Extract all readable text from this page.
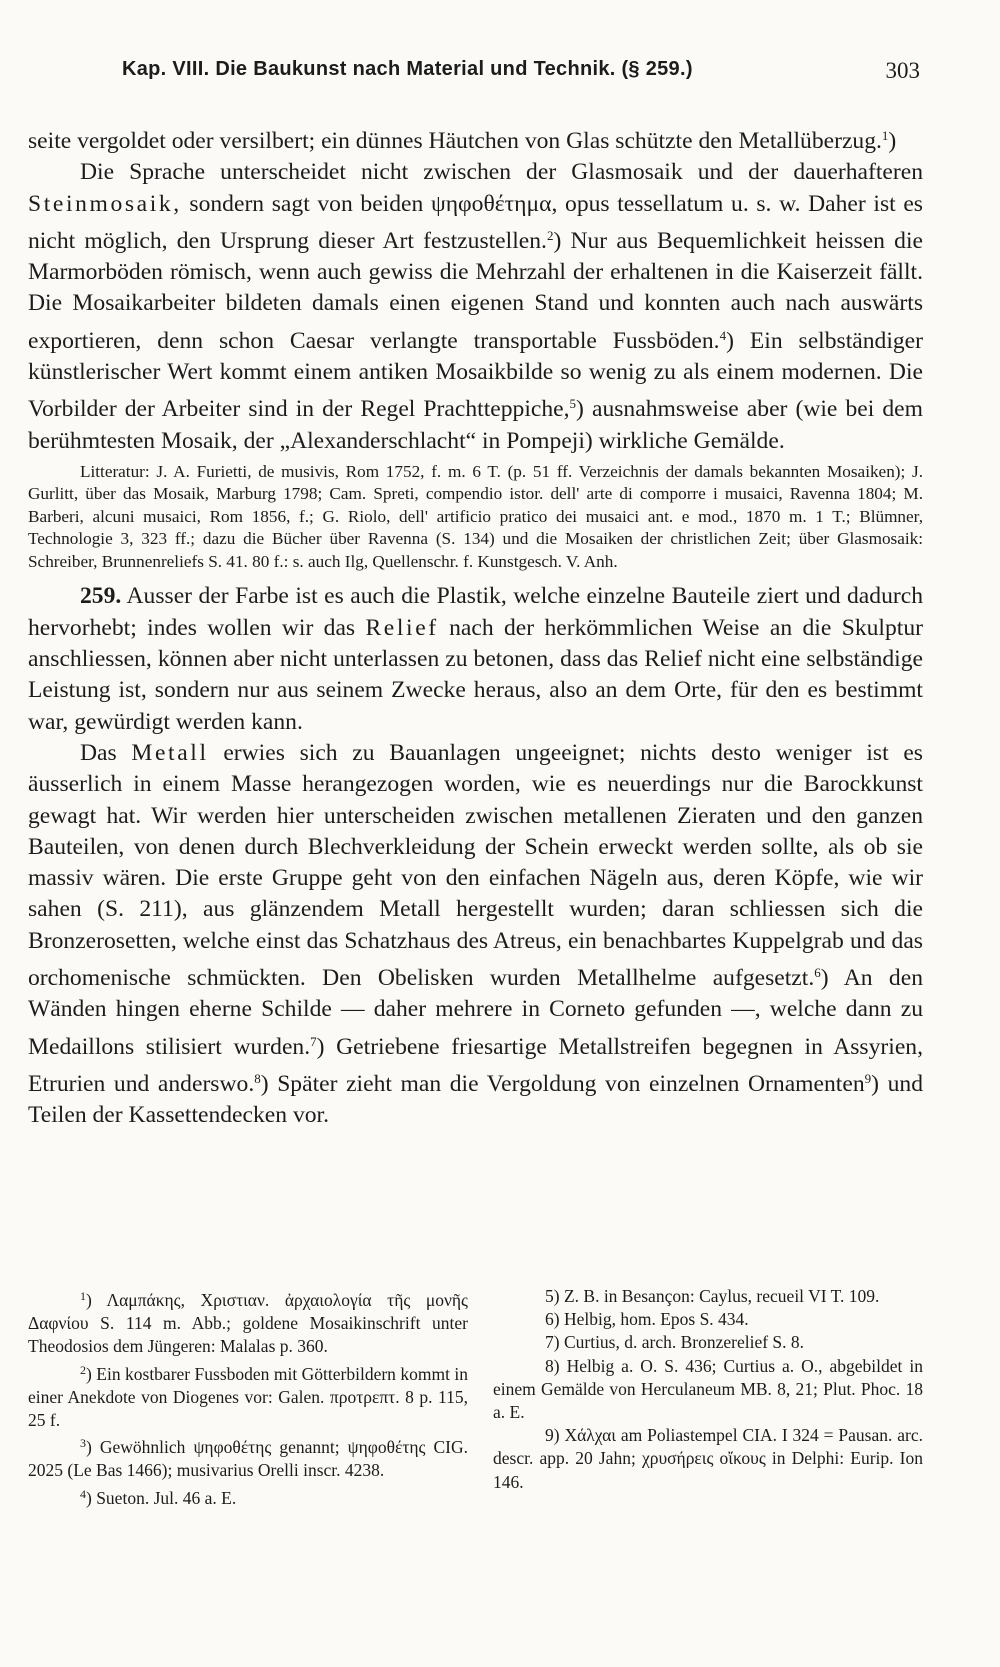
Kap. VIII. Die Baukunst nach Material und Technik. (§ 259.)	303

seite vergoldet oder versilbert; ein dünnes Häutchen von Glas schützte den Metallüberzug.$^1$)

Die Sprache unterscheidet nicht zwischen der Glasmosaik und der dauerhafteren Steinmosaik, sondern sagt von beiden ψηφοθέτημα, opus tessellatum u. s. w. Daher ist es nicht möglich, den Ursprung dieser Art festzustellen.$^2$) Nur aus Bequemlichkeit heissen die Marmorböden römisch, wenn auch gewiss die Mehrzahl der erhaltenen in die Kaiserzeit fällt. Die Mosaikarbeiter bildeten damals einen eigenen Stand und konnten auch nach auswärts exportieren, denn schon Caesar verlangte transportable Fussböden.$^4$) Ein selbständiger künstlerischer Wert kommt einem antiken Mosaikbilde so wenig zu als einem modernen. Die Vorbilder der Arbeiter sind in der Regel Prachtteppiche,$^5$) ausnahmsweise aber (wie bei dem berühmtesten Mosaik, der „Alexanderschlacht“ in Pompeji) wirkliche Gemälde.

Litteratur: J. A. Furietti, de musivis, Rom 1752, f. m. 6 T. (p. 51 ff. Verzeichnis der damals bekannten Mosaiken); J. Gurlitt, über das Mosaik, Marburg 1798; Cam. Spreti, compendio istor. dell' arte di comporre i musaici, Ravenna 1804; M. Barberi, alcuni musaici, Rom 1856, f.; G. Riolo, dell' artificio pratico dei musaici ant. e mod., 1870 m. 1 T.; Blümner, Technologie 3, 323 ff.; dazu die Bücher über Ravenna (S. 134) und die Mosaiken der christlichen Zeit; über Glasmosaik: Schreiber, Brunnenreliefs S. 41. 80 f.: s. auch Ilg, Quellenschr. f. Kunstgesch. V. Anh.

259. Ausser der Farbe ist es auch die Plastik, welche einzelne Bauteile ziert und dadurch hervorhebt; indes wollen wir das Relief nach der herkömmlichen Weise an die Skulptur anschliessen, können aber nicht unterlassen zu betonen, dass das Relief nicht eine selbständige Leistung ist, sondern nur aus seinem Zwecke heraus, also an dem Orte, für den es bestimmt war, gewürdigt werden kann.

Das Metall erwies sich zu Bauanlagen ungeeignet; nichts desto weniger ist es äusserlich in einem Masse herangezogen worden, wie es neuerdings nur die Barockkunst gewagt hat. Wir werden hier unterscheiden zwischen metallenen Zieraten und den ganzen Bauteilen, von denen durch Blechverkleidung der Schein erweckt werden sollte, als ob sie massiv wären. Die erste Gruppe geht von den einfachen Nägeln aus, deren Köpfe, wie wir sahen (S. 211), aus glänzendem Metall hergestellt wurden; daran schliessen sich die Bronzerosetten, welche einst das Schatzhaus des Atreus, ein benachbartes Kuppelgrab und das orchomenische schmückten. Den Obelisken wurden Metallhelme aufgesetzt.$^6$) An den Wänden hingen eherne Schilde — daher mehrere in Corneto gefunden —, welche dann zu Medaillons stilisiert wurden.$^7$) Getriebene friesartige Metallstreifen begegnen in Assyrien, Etrurien und anderswo.$^8$) Später zieht man die Vergoldung von einzelnen Ornamenten$^9$) und Teilen der Kassettendecken vor.

$^1$) Λαμπάκης, Χριστιαν. ἀρχαιολογία τῆς μονῆς Δαφνίου S. 114 m. Abb.; goldene Mosaikinschrift unter Theodosios dem Jüngeren: Malalas p. 360.
$^2$) Ein kostbarer Fussboden mit Götterbildern kommt in einer Anekdote von Diogenes vor: Galen. προτρεπτ. 8 p. 115, 25 f.
$^3$) Gewöhnlich ψηφοθέτης genannt; ψηφοθέτης CIG. 2025 (Le Bas 1466); musivarius Orelli inscr. 4238.
$^4$) Sueton. Jul. 46 a. E.
5) Z. B. in Besançon: Caylus, recueil VI T. 109.
6) Helbig, hom. Epos S. 434.
7) Curtius, d. arch. Bronzerelief S. 8.
8) Helbig a. O. S. 436; Curtius a. O., abgebildet in einem Gemälde von Herculaneum MB. 8, 21; Plut. Phoc. 18 a. E.
9) Χάλχαι am Poliastempel CIA. I 324 = Pausan. arc. descr. app. 20 Jahn; χρυσήρεις οἴκους in Delphi: Eurip. Ion 146.
